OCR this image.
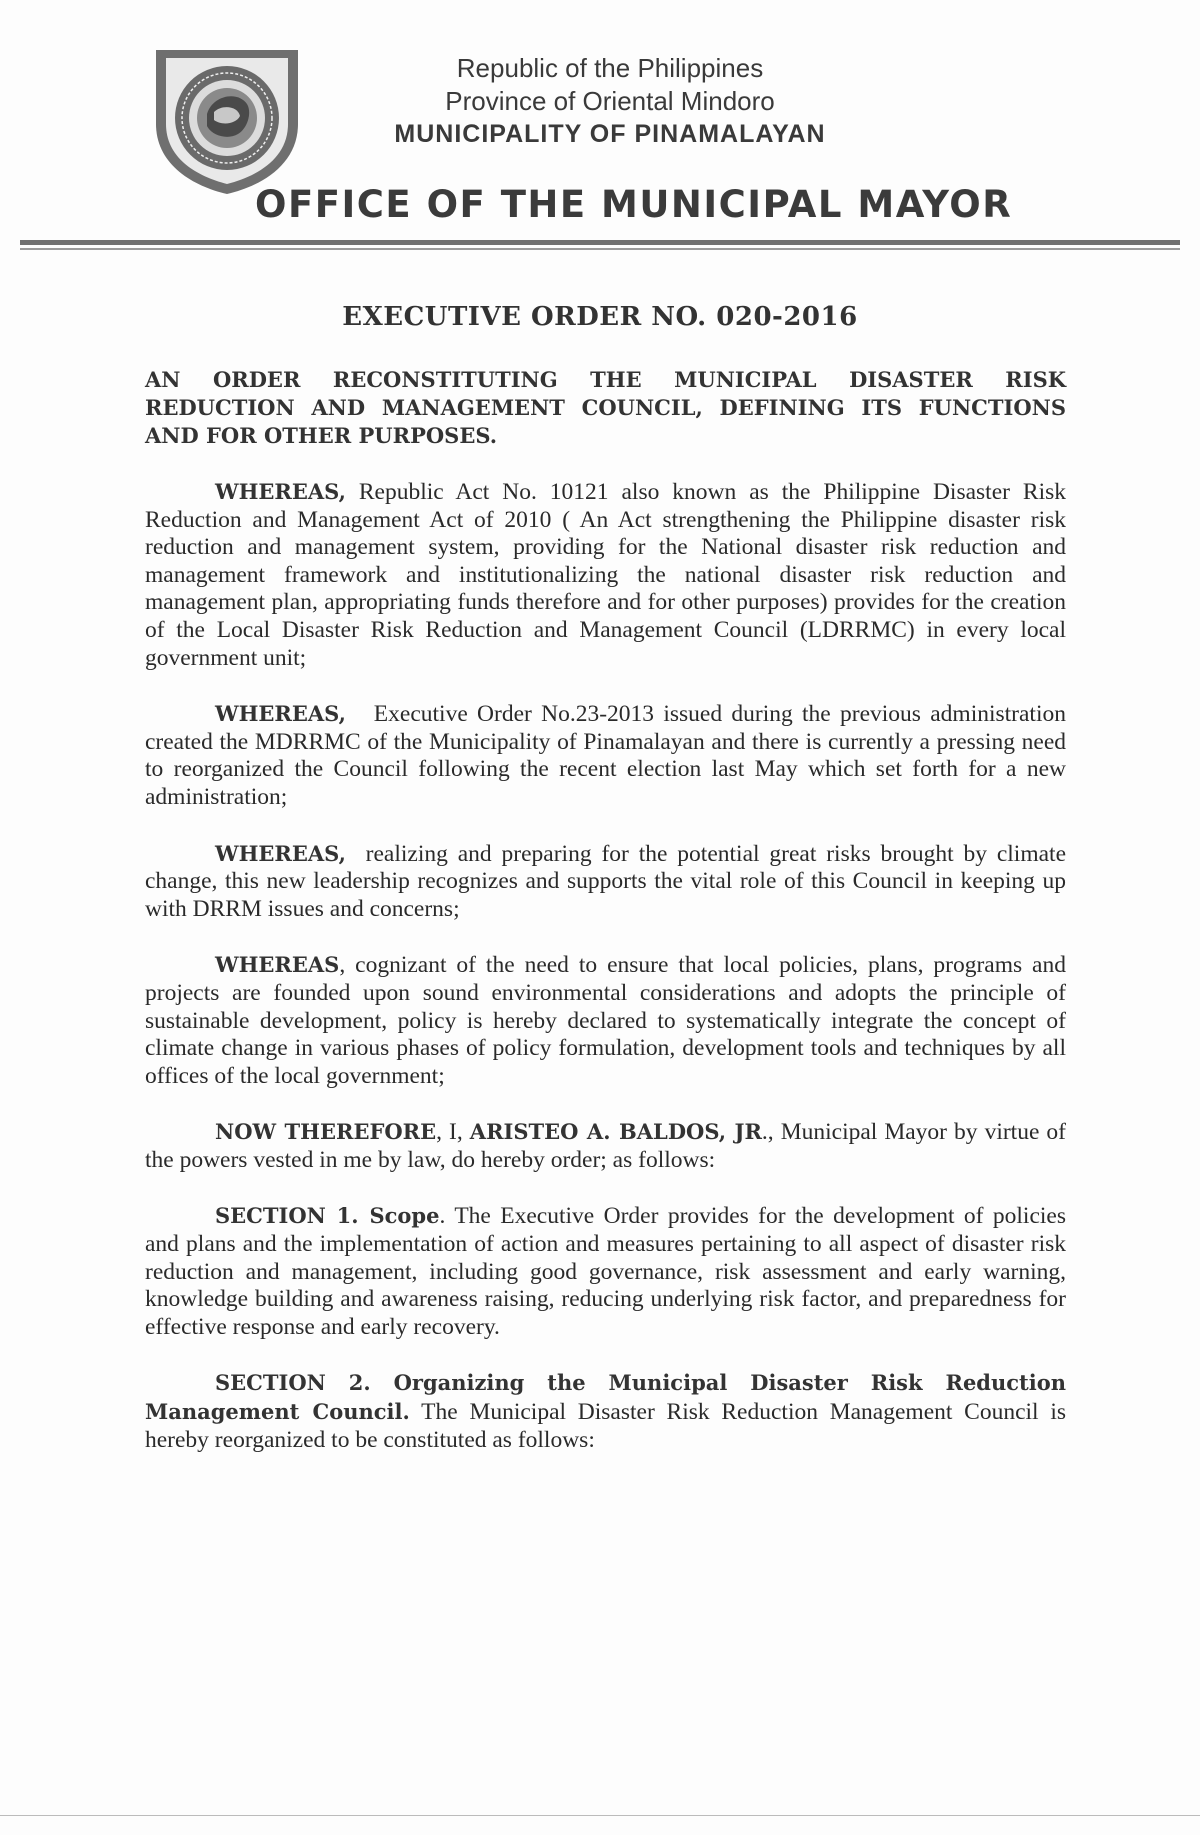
Republic of the Philippines
Province of Oriental Mindoro
MUNICIPALITY OF PINAMALAYAN
OFFICE OF THE MUNICIPAL MAYOR
EXECUTIVE ORDER NO. 020-2016

AN ORDER RECONSTITUTING THE MUNICIPAL DISASTER RISK REDUCTION AND MANAGEMENT COUNCIL, DEFINING ITS FUNCTIONS AND FOR OTHER PURPOSES.

WHEREAS, Republic Act No. 10121 also known as the Philippine Disaster Risk Reduction and Management Act of 2010 ( An Act strengthening the Philippine disaster risk reduction and management system, providing for the National disaster risk reduction and management framework and institutionalizing the national disaster risk reduction and management plan, appropriating funds therefore and for other purposes) provides for the creation of the Local Disaster Risk Reduction and Management Council (LDRRMC) in every local government unit;

WHEREAS,   Executive Order No.23-2013 issued during the previous administration created the MDRRMC of the Municipality of Pinamalayan and there is currently a pressing need to reorganized the Council following the recent election last May which set forth for a new administration;

WHEREAS,  realizing and preparing for the potential great risks brought by climate change, this new leadership recognizes and supports the vital role of this Council in keeping up with DRRM issues and concerns;

WHEREAS, cognizant of the need to ensure that local policies, plans, programs and projects are founded upon sound environmental considerations and adopts the principle of sustainable development, policy is hereby declared to systematically integrate the concept of climate change in various phases of policy formulation, development tools and techniques by all offices of the local government;

NOW THEREFORE, I, ARISTEO A. BALDOS, JR., Municipal Mayor by virtue of the powers vested in me by law, do hereby order; as follows:

SECTION 1. Scope. The Executive Order provides for the development of policies and plans and the implementation of action and measures pertaining to all aspect of disaster risk reduction and management, including good governance, risk assessment and early warning, knowledge building and awareness raising, reducing underlying risk factor, and preparedness for effective response and early recovery.

SECTION 2. Organizing the Municipal Disaster Risk Reduction Management Council. The Municipal Disaster Risk Reduction Management Council is hereby reorganized to be constituted as follows:
